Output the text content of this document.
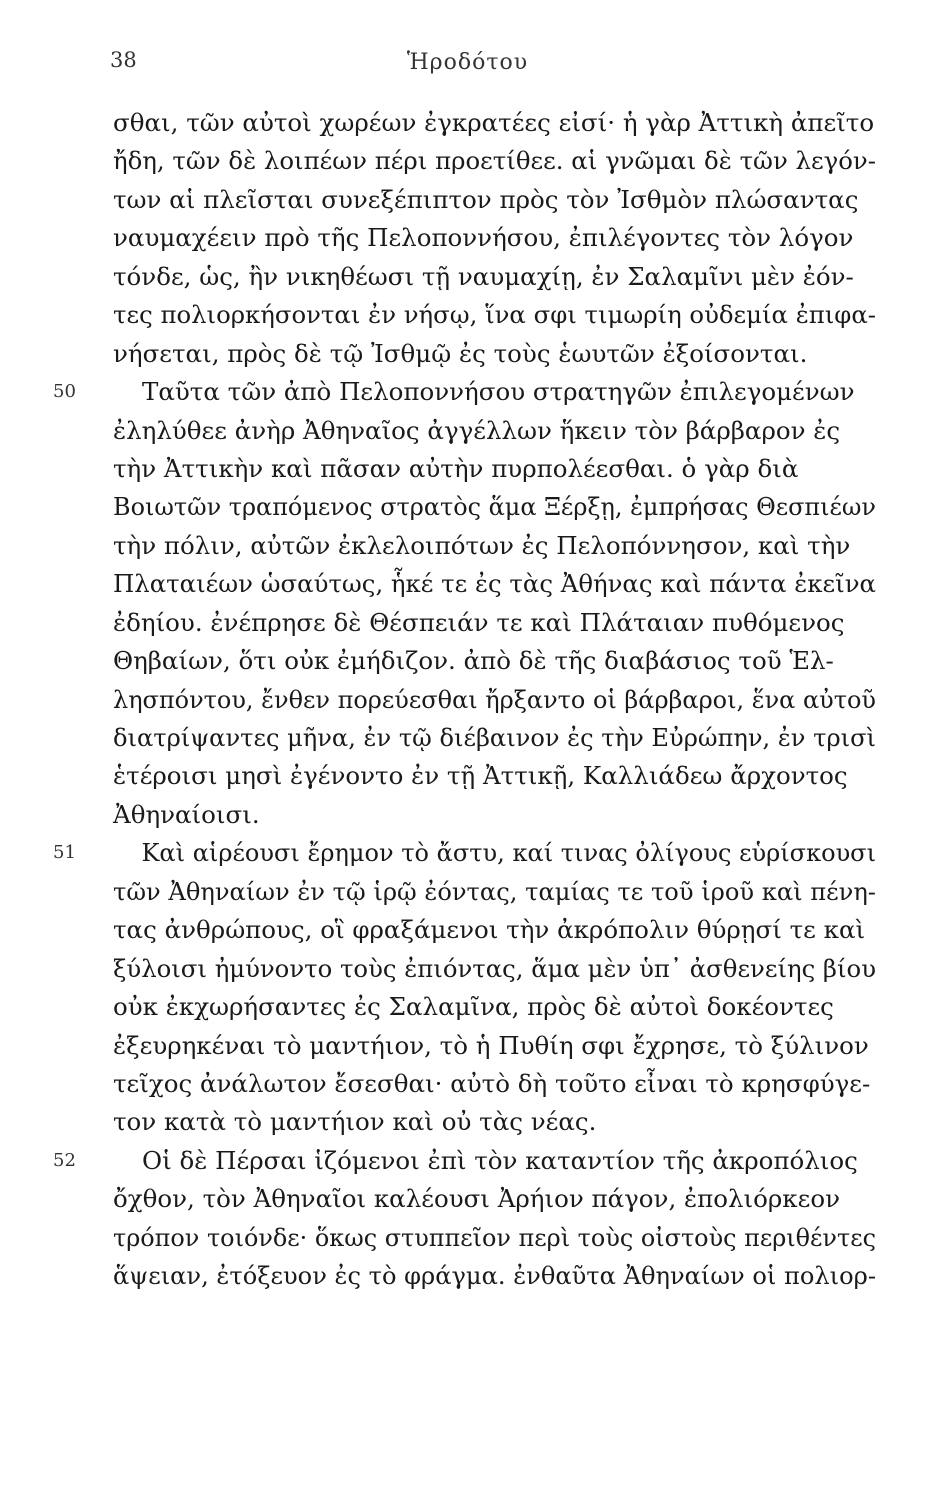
38	Ἡροδότου
σθαι, τῶν αὐτοὶ χωρέων ἐγκρατέες εἰσί· ἡ γὰρ Ἀττικὴ ἀπεῖτο
ἤδη, τῶν δὲ λοιπέων πέρι προετίθεε. αἱ γνῶμαι δὲ τῶν λεγόν-
των αἱ πλεῖσται συνεξέπιπτον πρὸς τὸν Ἰσθμὸν πλώσαντας
ναυμαχέειν πρὸ τῆς Πελοποννήσου, ἐπιλέγοντες τὸν λόγον
τόνδε, ὡς, ἢν νικηθέωσι τῇ ναυμαχίῃ, ἐν Σαλαμῖνι μὲν ἐόν-
τες πολιορκήσονται ἐν νήσῳ, ἵνα σφι τιμωρίη οὐδεμία ἐπιφα-
νήσεται, πρὸς δὲ τῷ Ἰσθμῷ ἐς τοὺς ἑωυτῶν ἐξοίσονται.
50	Ταῦτα τῶν ἀπὸ Πελοποννήσου στρατηγῶν ἐπιλεγομένων
ἐληλύθεε ἀνὴρ Ἀθηναῖος ἀγγέλλων ἥκειν τὸν βάρβαρον ἐς
τὴν Ἀττικὴν καὶ πᾶσαν αὐτὴν πυρπολέεσθαι. ὁ γὰρ διὰ
Βοιωτῶν τραπόμενος στρατὸς ἅμα Ξέρξῃ, ἐμπρήσας Θεσπιέων
τὴν πόλιν, αὐτῶν ἐκλελοιπότων ἐς Πελοπόννησον, καὶ τὴν
Πλαταιέων ὡσαύτως, ἧκέ τε ἐς τὰς Ἀθήνας καὶ πάντα ἐκεῖνα
ἐδηίου. ἐνέπρησε δὲ Θέσπειάν τε καὶ Πλάταιαν πυθόμενος
Θηβαίων, ὅτι οὐκ ἐμήδιζον. ἀπὸ δὲ τῆς διαβάσιος τοῦ Ἑλ-
λησπόντου, ἔνθεν πορεύεσθαι ἤρξαντο οἱ βάρβαροι, ἕνα αὐτοῦ
διατρίψαντες μῆνα, ἐν τῷ διέβαινον ἐς τὴν Εὐρώπην, ἐν τρισὶ
ἑτέροισι μησὶ ἐγένοντο ἐν τῇ Ἀττικῇ, Καλλιάδεω ἄρχοντος
Ἀθηναίοισι.
51	Καὶ αἱρέουσι ἔρημον τὸ ἄστυ, καί τινας ὀλίγους εὑρίσκουσι
τῶν Ἀθηναίων ἐν τῷ ἱρῷ ἐόντας, ταμίας τε τοῦ ἱροῦ καὶ πένη-
τας ἀνθρώπους, οἳ φραξάμενοι τὴν ἀκρόπολιν θύρῃσί τε καὶ
ξύλοισι ἠμύνοντο τοὺς ἐπιόντας, ἅμα μὲν ὑπ᾽ ἀσθενείης βίου
οὐκ ἐκχωρήσαντες ἐς Σαλαμῖνα, πρὸς δὲ αὐτοὶ δοκέοντες
ἐξευρηκέναι τὸ μαντήιον, τὸ ἡ Πυθίη σφι ἔχρησε, τὸ ξύλινον
τεῖχος ἀνάλωτον ἔσεσθαι· αὐτὸ δὴ τοῦτο εἶναι τὸ κρησφύγε-
τον κατὰ τὸ μαντήιον καὶ οὐ τὰς νέας.
52	Οἱ δὲ Πέρσαι ἱζόμενοι ἐπὶ τὸν καταντίον τῆς ἀκροπόλιος
ὄχθον, τὸν Ἀθηναῖοι καλέουσι Ἀρήιον πάγον, ἐπολιόρκεον
τρόπον τοιόνδε· ὅκως στυππεῖον περὶ τοὺς οἰστοὺς περιθέντες
ἅψειαν, ἐτόξευον ἐς τὸ φράγμα. ἐνθαῦτα Ἀθηναίων οἱ πολιορ-
